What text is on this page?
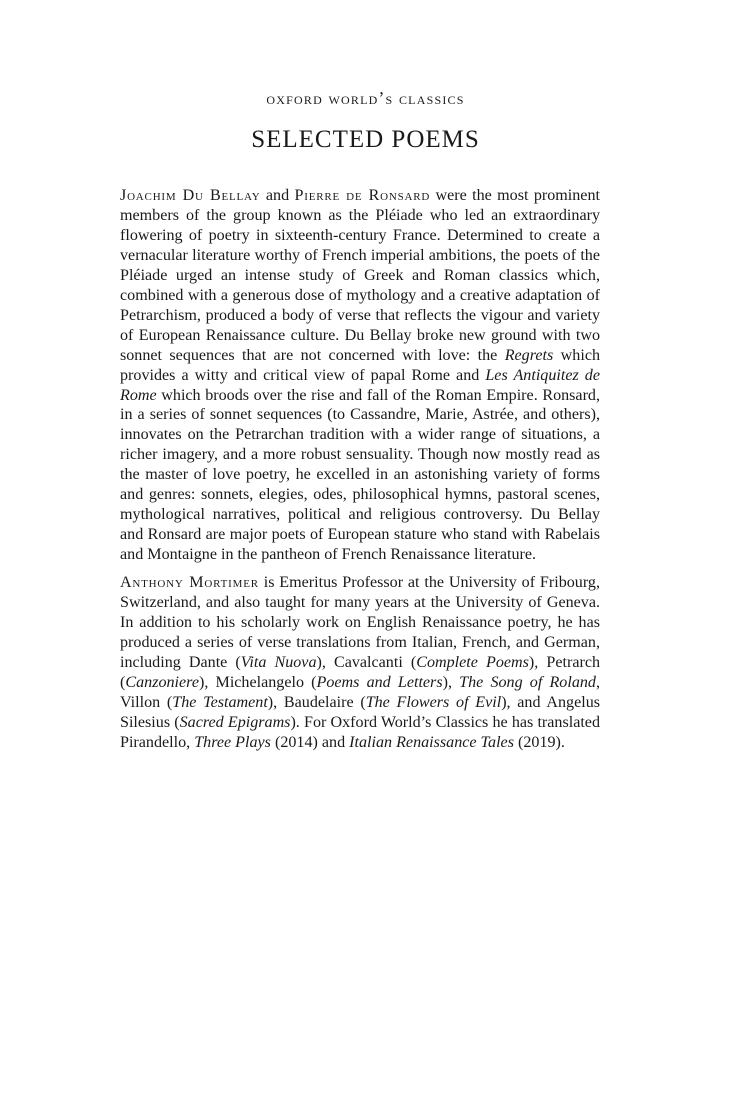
oxford world’s classics
SELECTED POEMS

Joachim Du Bellay and Pierre de Ronsard were the most prominent members of the group known as the Pléiade who led an extraordinary flowering of poetry in sixteenth-century France. Determined to create a vernacular literature worthy of French imperial ambitions, the poets of the Pléiade urged an intense study of Greek and Roman classics which, combined with a generous dose of mythology and a creative adaptation of Petrarchism, produced a body of verse that reflects the vigour and variety of European Renaissance culture. Du Bellay broke new ground with two sonnet sequences that are not concerned with love: the Regrets which provides a witty and critical view of papal Rome and Les Antiquitez de Rome which broods over the rise and fall of the Roman Empire. Ronsard, in a series of sonnet sequences (to Cassandre, Marie, Astrée, and others), innovates on the Petrarchan tradition with a wider range of situations, a richer imagery, and a more robust sensuality. Though now mostly read as the master of love poetry, he excelled in an astonishing variety of forms and genres: sonnets, elegies, odes, philosophical hymns, pastoral scenes, mythological narratives, political and religious controversy. Du Bellay and Ronsard are major poets of European stature who stand with Rabelais and Montaigne in the pantheon of French Renaissance literature.

Anthony Mortimer is Emeritus Professor at the University of Fribourg, Switzerland, and also taught for many years at the University of Geneva. In addition to his scholarly work on English Renaissance poetry, he has produced a series of verse translations from Italian, French, and German, including Dante (Vita Nuova), Cavalcanti (Complete Poems), Petrarch (Canzoniere), Michelangelo (Poems and Letters), The Song of Roland, Villon (The Testament), Baudelaire (The Flowers of Evil), and Angelus Silesius (Sacred Epigrams). For Oxford World’s Classics he has translated Pirandello, Three Plays (2014) and Italian Renaissance Tales (2019).
